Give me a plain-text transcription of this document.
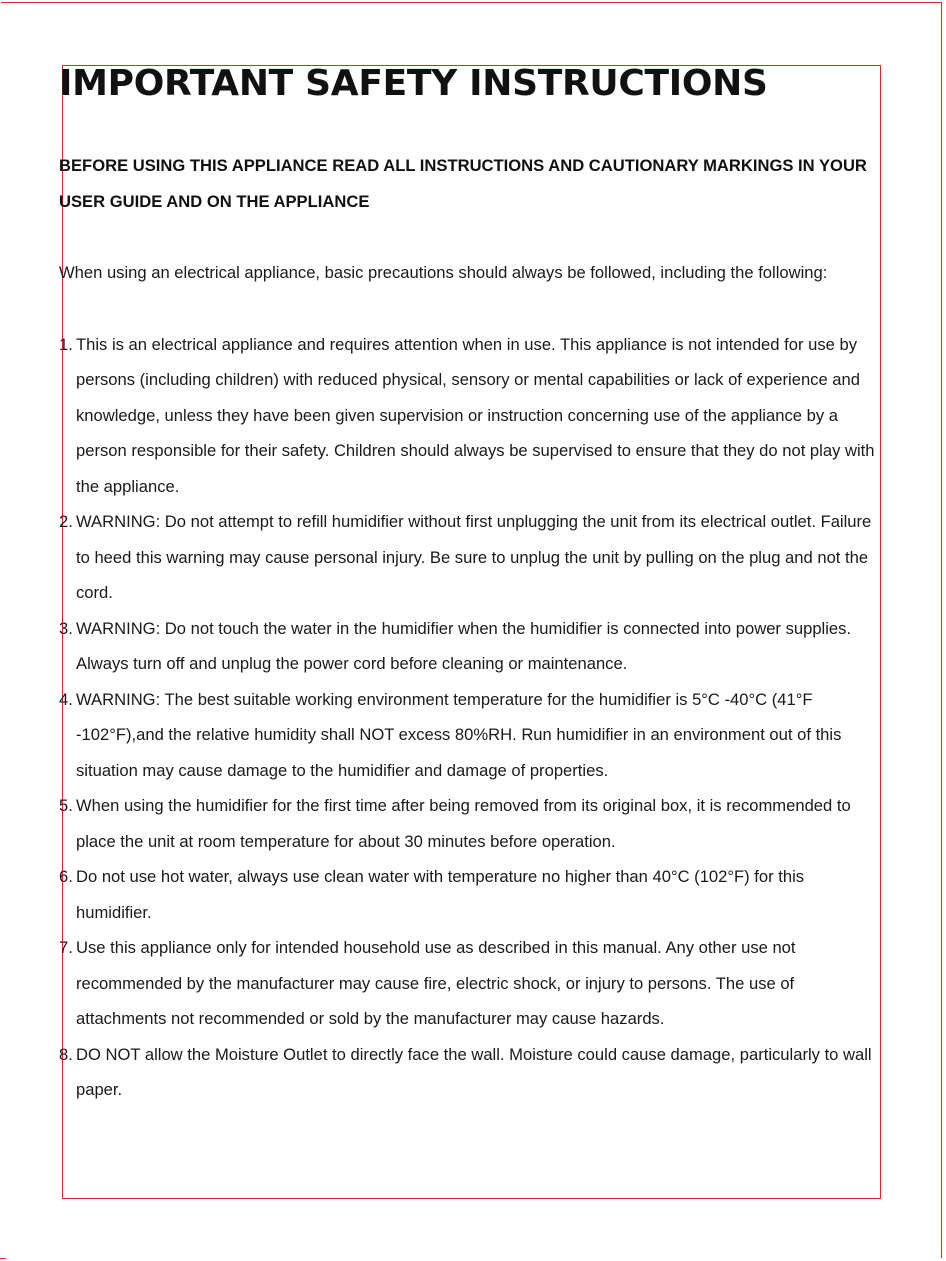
IMPORTANT SAFETY INSTRUCTIONS

BEFORE USING THIS APPLIANCE READ ALL INSTRUCTIONS AND CAUTIONARY MARKINGS IN YOUR USER GUIDE AND ON THE APPLIANCE

When using an electrical appliance, basic precautions should always be followed, including the following:

1. This is an electrical appliance and requires attention when in use. This appliance is not intended for use by persons (including children) with reduced physical, sensory or mental capabilities or lack of experience and knowledge, unless they have been given supervision or instruction concerning use of the appliance by a person responsible for their safety. Children should always be supervised to ensure that they do not play with the appliance.
2. WARNING: Do not attempt to refill humidifier without first unplugging the unit from its electrical outlet. Failure to heed this warning may cause personal injury. Be sure to unplug the unit by pulling on the plug and not the cord.
3. WARNING: Do not touch the water in the humidifier when the humidifier is connected into power supplies. Always turn off and unplug the power cord before cleaning or maintenance.
4. WARNING: The best suitable working environment temperature for the humidifier is 5°C -40°C (41°F -102°F),and the relative humidity shall NOT excess 80%RH. Run humidifier in an environment out of this situation may cause damage to the humidifier and damage of properties.
5. When using the humidifier for the first time after being removed from its original box, it is recommended to place the unit at room temperature for about 30 minutes before operation.
6. Do not use hot water, always use clean water with temperature no higher than 40°C (102°F) for this humidifier.
7. Use this appliance only for intended household use as described in this manual. Any other use not recommended by the manufacturer may cause fire, electric shock, or injury to persons. The use of attachments not recommended or sold by the manufacturer may cause hazards.
8. DO NOT allow the Moisture Outlet to directly face the wall. Moisture could cause damage, particularly to wall paper.
